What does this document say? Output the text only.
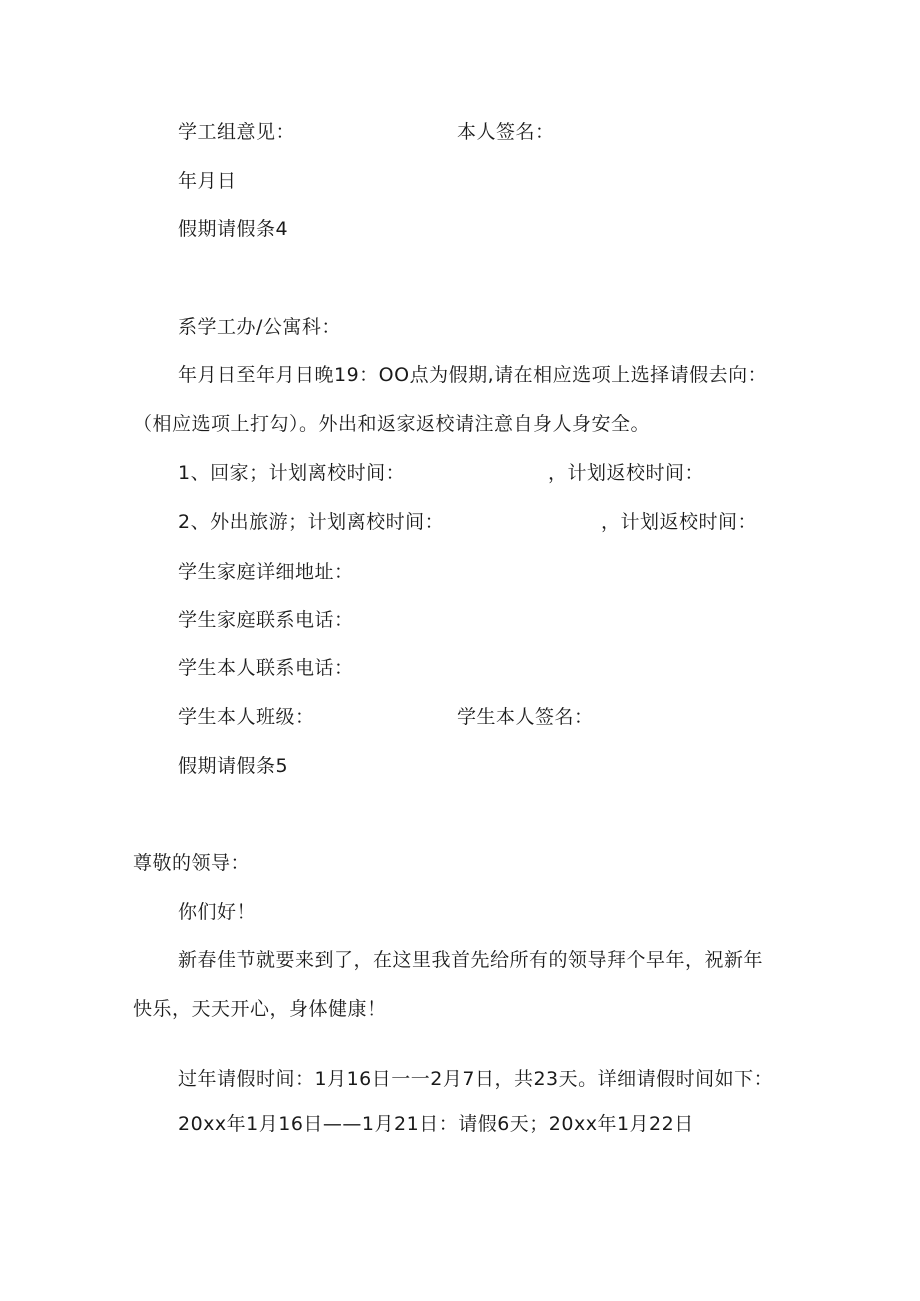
学工组意见：	本人签名：
年月日
假期请假条4
系学工办/公寓科：
年月日至年月日晚19：OO点为假期,请在相应选项上选择请假去向：
（相应选项上打勾）。外出和返家返校请注意自身人身安全。
1、回家；计划离校时间：	，计划返校时间：
2、外出旅游；计划离校时间：	，计划返校时间：
学生家庭详细地址：
学生家庭联系电话：
学生本人联系电话：
学生本人班级：	学生本人签名：
假期请假条5
尊敬的领导：
你们好！
新春佳节就要来到了，在这里我首先给所有的领导拜个早年，祝新年
快乐，天天开心，身体健康！
过年请假时间：1月16日一一2月7日，共23天。详细请假时间如下：
20xx年1月16日——1月21日：请假6天；20xx年1月22日
